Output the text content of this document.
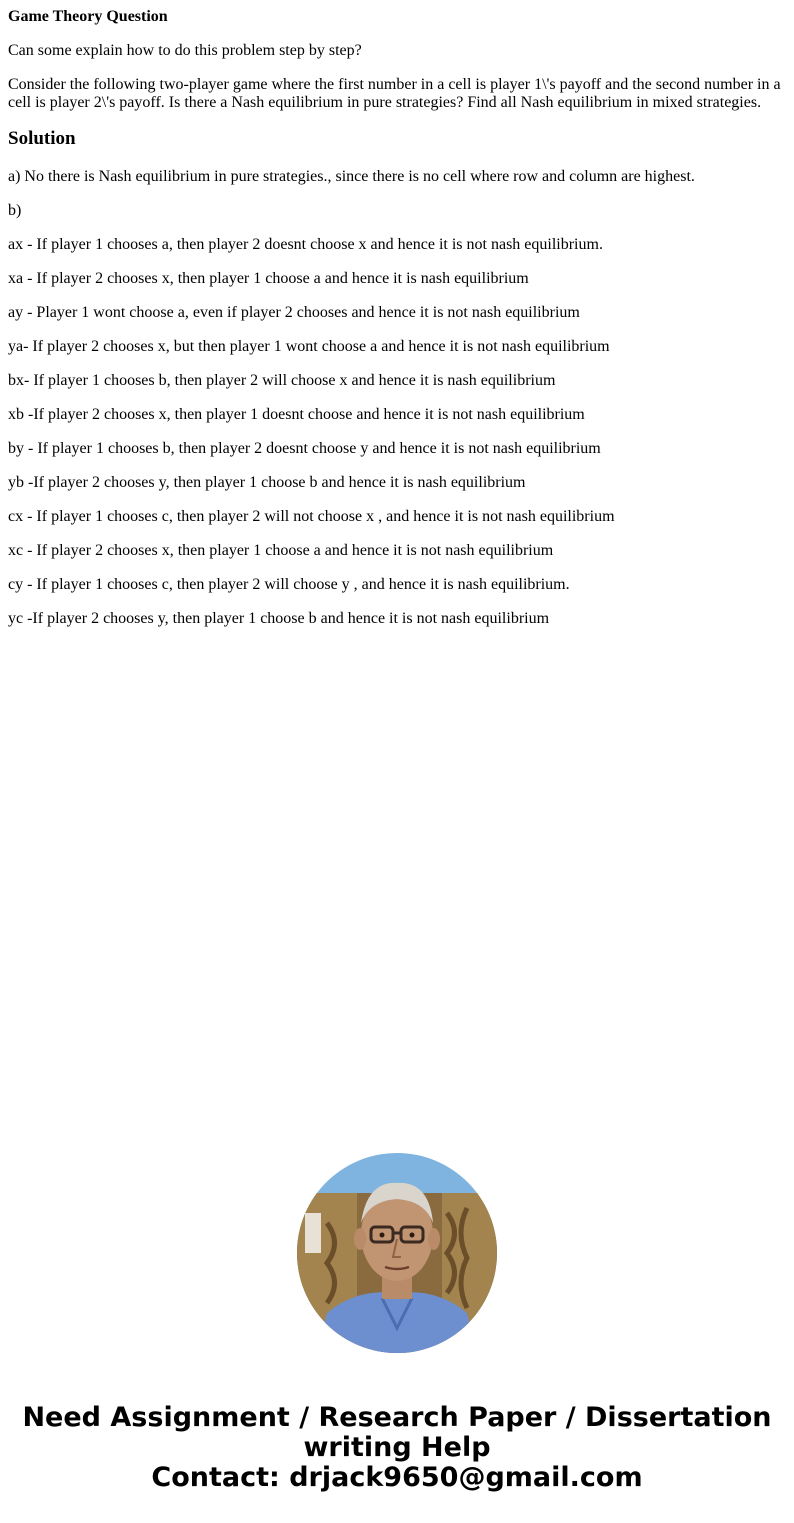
Game Theory Question

Can some explain how to do this problem step by step?

Consider the following two-player game where the first number in a cell is player 1\'s payoff and the second number in a cell is player 2\'s payoff. Is there a Nash equilibrium in pure strategies? Find all Nash equilibrium in mixed strategies.

Solution

a) No there is Nash equilibrium in pure strategies., since there is no cell where row and column are highest.

b)

ax - If player 1 chooses a, then player 2 doesnt choose x and hence it is not nash equilibrium.

xa - If player 2 chooses x, then player 1 choose a and hence it is nash equilibrium

ay - Player 1 wont choose a, even if player 2 chooses and hence it is not nash equilibrium

ya- If player 2 chooses x, but then player 1 wont choose a and hence it is not nash equilibrium

bx- If player 1 chooses b, then player 2 will choose x and hence it is nash equilibrium

xb -If player 2 chooses x, then player 1 doesnt choose and hence it is not nash equilibrium

by - If player 1 chooses b, then player 2 doesnt choose y and hence it is not nash equilibrium

yb -If player 2 chooses y, then player 1 choose b and hence it is nash equilibrium

cx - If player 1 chooses c, then player 2 will not choose x , and hence it is not nash equilibrium

xc - If player 2 chooses x, then player 1 choose a and hence it is not nash equilibrium

cy - If player 1 chooses c, then player 2 will choose y , and hence it is nash equilibrium.

yc -If player 2 chooses y, then player 1 choose b and hence it is not nash equilibrium

Need Assignment / Research Paper / Dissertation
writing Help
Contact: drjack9650@gmail.com
